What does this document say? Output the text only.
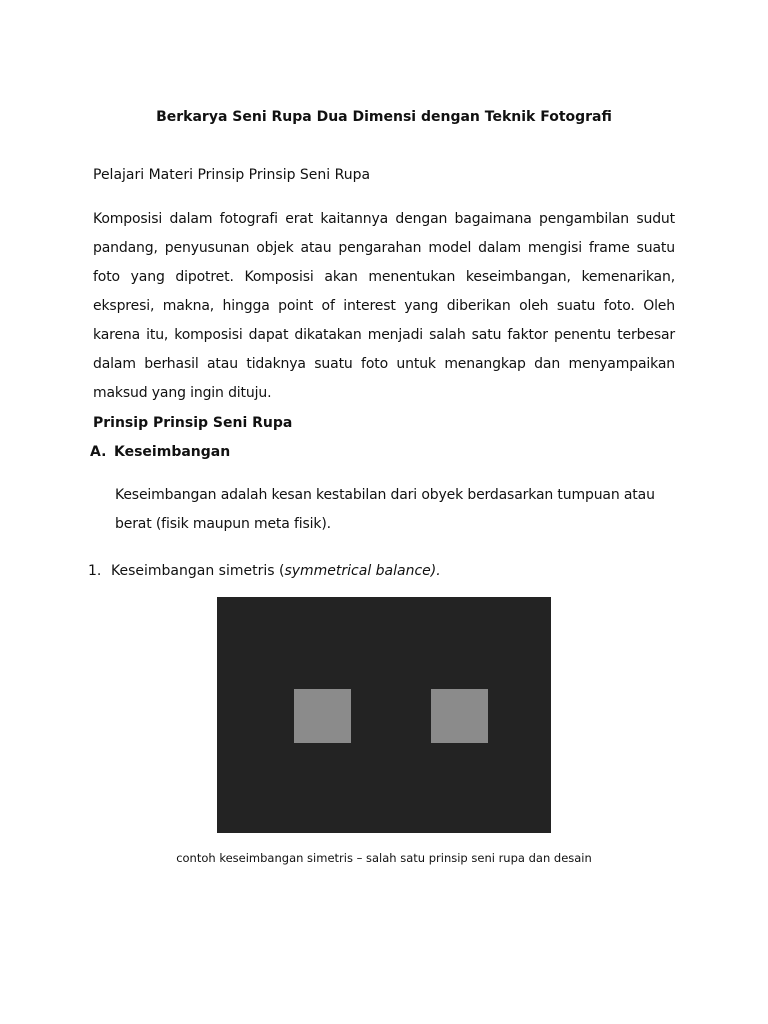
Berkarya Seni Rupa Dua Dimensi dengan Teknik Fotografi
Pelajari Materi Prinsip Prinsip Seni Rupa

Komposisi dalam fotografi erat kaitannya dengan bagaimana pengambilan sudut pandang, penyusunan objek atau pengarahan model dalam mengisi frame suatu foto yang dipotret. Komposisi akan menentukan keseimbangan, kemenarikan, ekspresi, makna, hingga point of interest yang diberikan oleh suatu foto. Oleh karena itu, komposisi dapat dikatakan menjadi salah satu faktor penentu terbesar dalam berhasil atau tidaknya suatu foto untuk menangkap dan menyampaikan maksud yang ingin dituju.

Prinsip Prinsip Seni Rupa
A. Keseimbangan

Keseimbangan adalah kesan kestabilan dari obyek berdasarkan tumpuan atau berat (fisik maupun meta fisik).

1. Keseimbangan simetris (symmetrical balance).
contoh keseimbangan simetris – salah satu prinsip seni rupa dan desain
